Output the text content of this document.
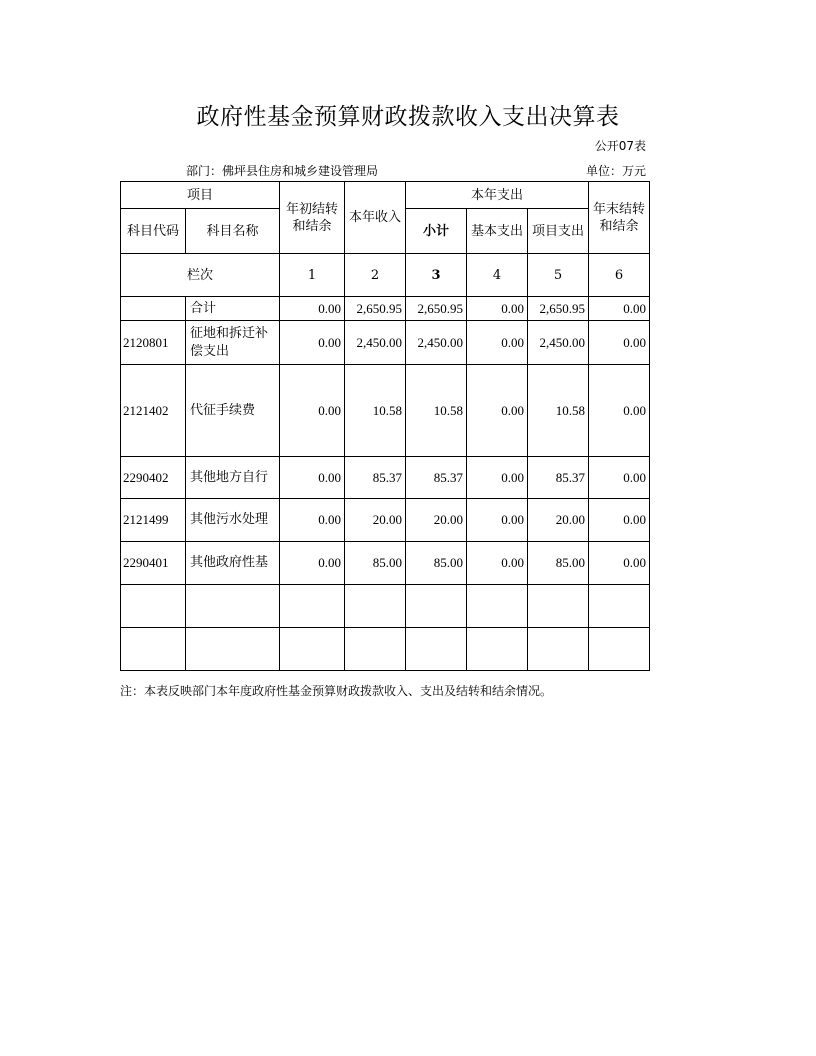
政府性基金预算财政拨款收入支出决算表
公开07表
部门：佛坪县住房和城乡建设管理局	单位：万元
项目		年初结转和结余	本年收入	本年支出			年末结转和结余
科目代码	科目名称			小计	基本支出	项目支出	
栏次		1	2	3	4	5	6
	合计	0.00	2,650.95	2,650.95	0.00	2,650.95	0.00
2120801	征地和拆迁补偿支出	0.00	2,450.00	2,450.00	0.00	2,450.00	0.00
2121402	代征手续费	0.00	10.58	10.58	0.00	10.58	0.00
2290402	其他地方自行	0.00	85.37	85.37	0.00	85.37	0.00
2121499	其他污水处理	0.00	20.00	20.00	0.00	20.00	0.00
2290401	其他政府性基	0.00	85.00	85.00	0.00	85.00	0.00

注：本表反映部门本年度政府性基金预算财政拨款收入、支出及结转和结余情况。
